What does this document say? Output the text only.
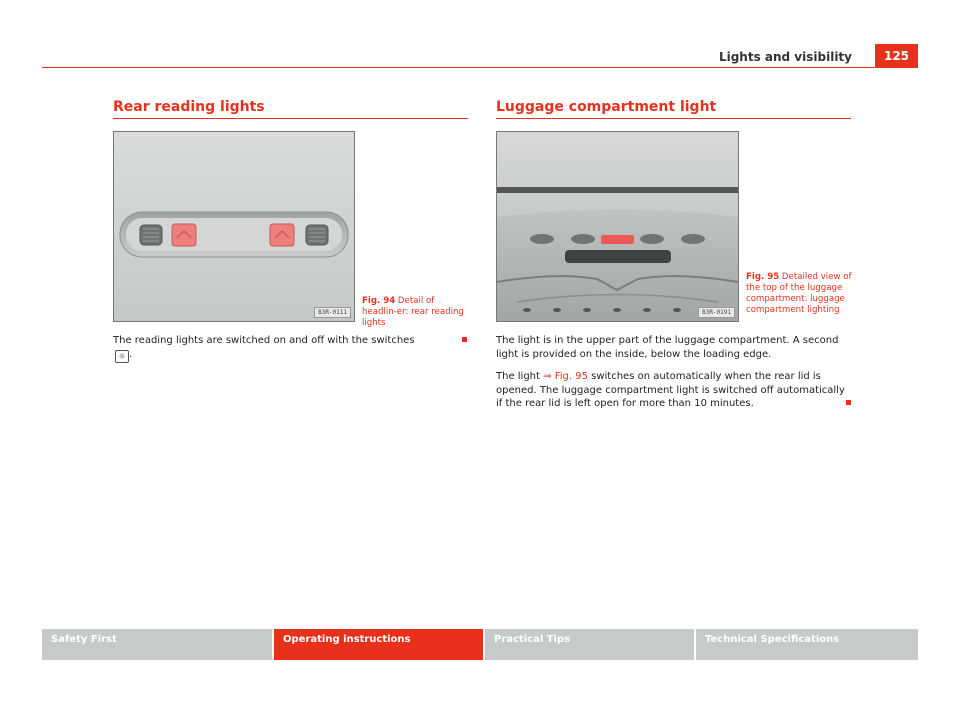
Lights and visibility	125
Rear reading lights
B3R-0111
Fig. 94 Detail of headlin-er: rear reading lights
The reading lights are switched on and off with the switches ☼ .
Luggage compartment light
B3R-0191
Fig. 95 Detailed view of the top of the luggage compartment: luggage compartment lighting
The light is in the upper part of the luggage compartment. A second light is provided on the inside, below the loading edge.
The light ⇒ Fig. 95 switches on automatically when the rear lid is opened. The luggage compartment light is switched off automatically if the rear lid is left open for more than 10 minutes.
Safety First	Operating instructions	Practical Tips	Technical Specifications
